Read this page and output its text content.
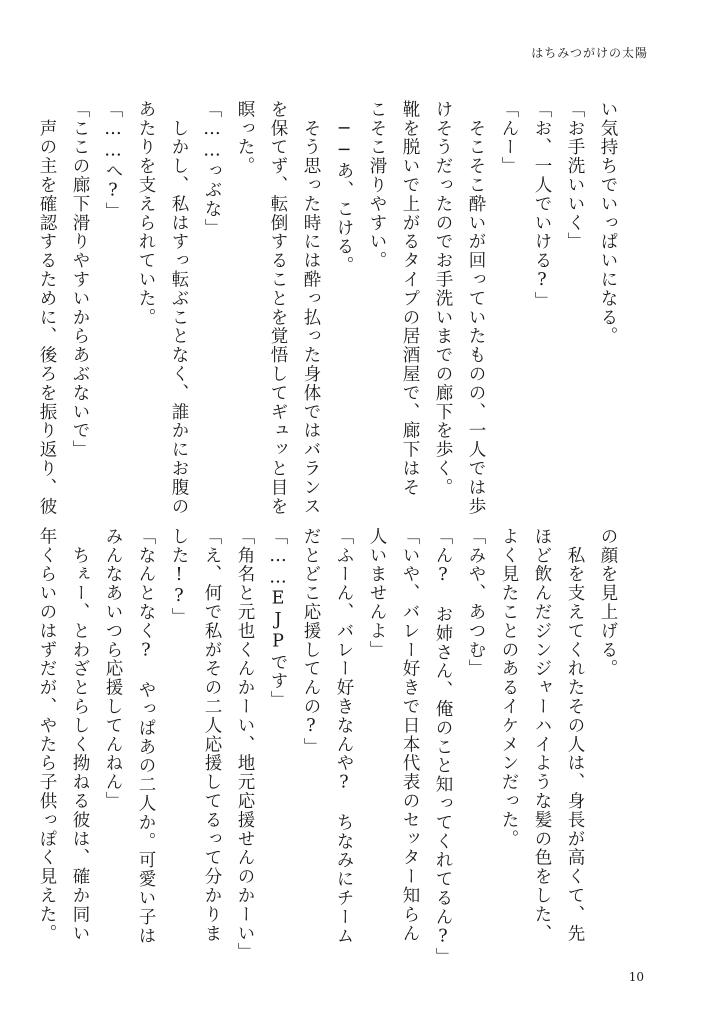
はちみつがけの太陽
い気持ちでいっぱいになる。
「お手洗いいく」
「お、一人でいける?」
「んー」
　そこそこ酔いが回っていたものの、一人では歩
けそうだったのでお手洗いまでの廊下を歩く。
靴を脱いで上がるタイプの居酒屋で、廊下はそ
こそこ滑りやすい。
　──あ、こける。
　そう思った時には酔っ払った身体ではバランス
を保てず、転倒することを覚悟してギュッと目を
瞑った。
「……っぶな」
　しかし、私はすっ転ぶことなく、誰かにお腹の
あたりを支えられていた。
「……へ?」
「ここの廊下滑りやすいからあぶないで」
　声の主を確認するために、後ろを振り返り、彼
の顔を見上げる。
　私を支えてくれたその人は、身長が高くて、先
ほど飲んだジンジャーハイような髪の色をした、
よく見たことのあるイケメンだった。
「みや、あつむ」
「ん?　お姉さん、俺のこと知ってくれてるん?」
「いや、バレー好きで日本代表のセッター知らん
人いませんよ」
「ふーん、バレー好きなんや?　ちなみにチーム
だとどこ応援してんの?」
「……EJPです」
「角名と元也くんかーい、地元応援せんのかーい」
「え、何で私がその二人応援してるって分かりま
した!?」
「なんとなく?　やっぱあの二人か。可愛い子は
みんなあいつら応援してんねん」
　ちぇー、とわざとらしく拗ねる彼は、確か同い
年くらいのはずだが、やたら子供っぽく見えた。
10
